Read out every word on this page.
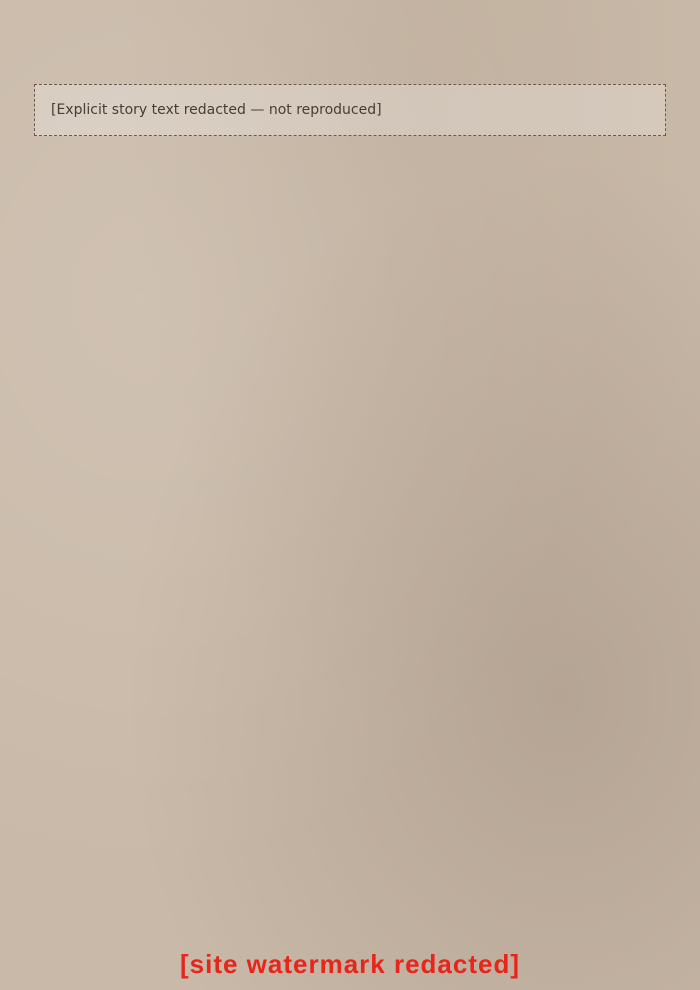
[Explicit story text redacted — not reproduced]

[site watermark redacted]
